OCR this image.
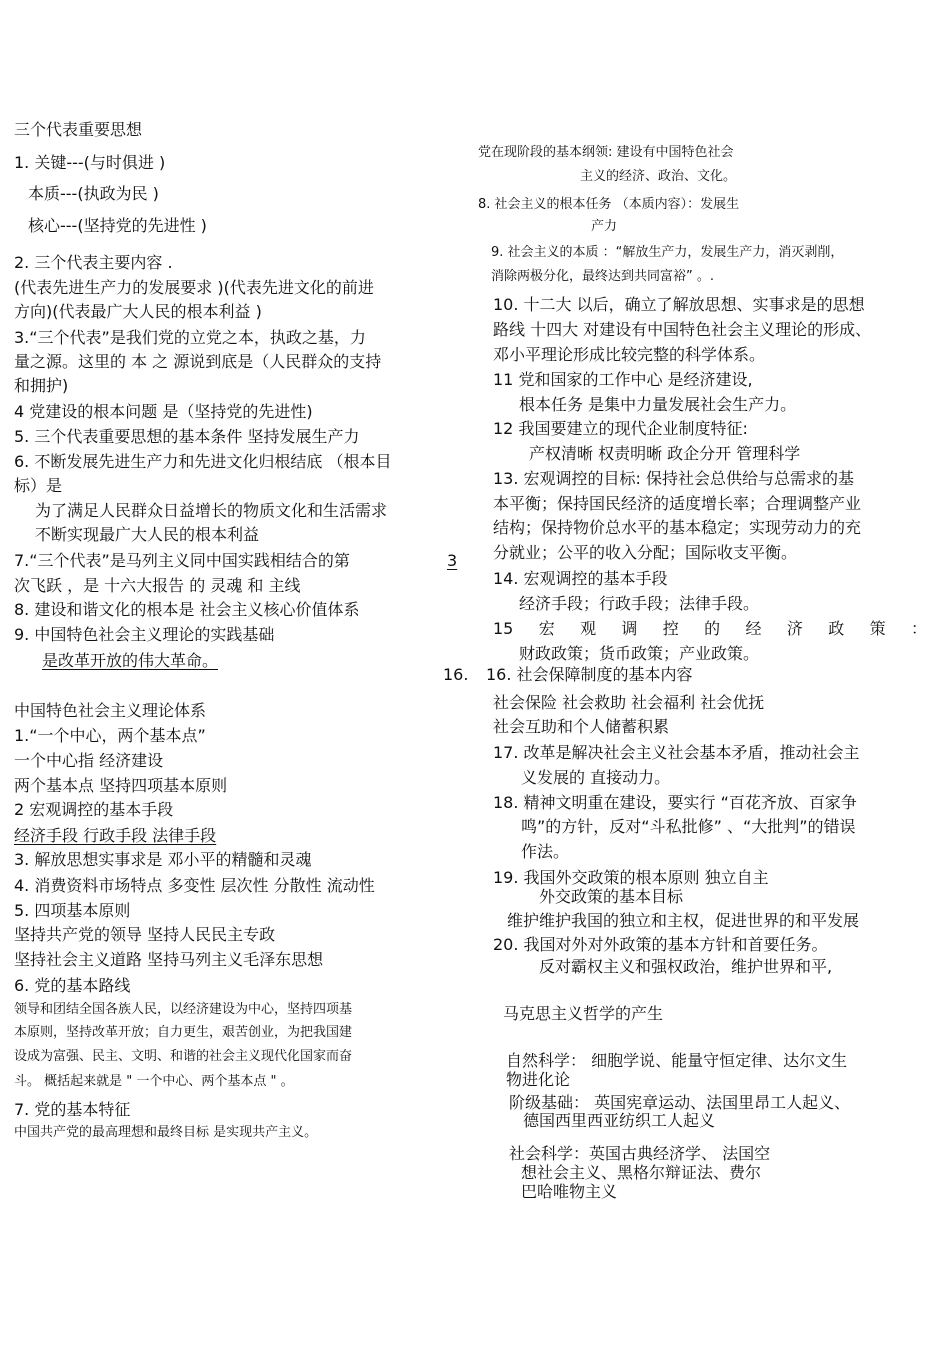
三个代表重要思想
1. 关键---(与时俱进 )
本质---(执政为民 )
核心---(坚持党的先进性 )
2. 三个代表主要内容 .
(代表先进生产力的发展要求 )(代表先进文化的前进
方向)(代表最广大人民的根本利益 )
3.“三个代表”是我们党的立党之本，执政之基，力
量之源。这里的 本 之 源说到底是（人民群众的支持
和拥护)
4 党建设的根本问题 是（坚持党的先进性)
5. 三个代表重要思想的基本条件 坚持发展生产力
6. 不断发展先进生产力和先进文化归根结底 （根本目
标）是
为了满足人民群众日益增长的物质文化和生活需求
不断实现最广大人民的根本利益
7.“三个代表”是马列主义同中国实践相结合的第	3
次飞跃 ，是 十六大报告 的 灵魂 和 主线
8. 建设和谐文化的根本是 社会主义核心价值体系
9. 中国特色社会主义理论的实践基础
是改革开放的伟大革命。
中国特色社会主义理论体系
1.“一个中心，两个基本点”
一个中心指 经济建设
两个基本点 坚持四项基本原则
2 宏观调控的基本手段
经济手段 行政手段 法律手段
3. 解放思想实事求是 邓小平的精髓和灵魂
4. 消费资料市场特点 多变性 层次性 分散性 流动性
5. 四项基本原则
坚持共产党的领导 坚持人民民主专政
坚持社会主义道路 坚持马列主义毛泽东思想
6. 党的基本路线
领导和团结全国各族人民，以经济建设为中心，坚持四项基
本原则，坚持改革开放；自力更生，艰苦创业，为把我国建
设成为富强、民主、文明、和谐的社会主义现代化国家而奋
斗。 概括起来就是 " 一个中心、两个基本点 " 。
7. 党的基本特征
中国共产党的最高理想和最终目标 是实现共产主义。
党在现阶段的基本纲领: 建设有中国特色社会
主义的经济、政治、文化。
8. 社会主义的根本任务 （本质内容）：发展生
产力
9. 社会主义的本质 ：“解放生产力，发展生产力，消灭剥削，
消除两极分化，最终达到共同富裕” 。.
10. 十二大 以后，确立了解放思想、实事求是的思想
路线 十四大 对建设有中国特色社会主义理论的形成、
邓小平理论形成比较完整的科学体系。
11 党和国家的工作中心 是经济建设,
根本任务 是集中力量发展社会生产力。
12 我国要建立的现代企业制度特征:
产权清晰 权责明晰 政企分开 管理科学
13. 宏观调控的目标: 保持社会总供给与总需求的基
本平衡；保持国民经济的适度增长率；合理调整产业
结构；保持物价总水平的基本稳定；实现劳动力的充
分就业；公平的收入分配；国际收支平衡。
14. 宏观调控的基本手段
经济手段；行政手段；法律手段。
15 宏 观 调 控 的 经 济 政 策 ：
财政政策；货币政策；产业政策。
16. 16. 社会保障制度的基本内容
社会保险 社会救助 社会福利 社会优抚
社会互助和个人储蓄积累
17. 改革是解决社会主义社会基本矛盾，推动社会主
义发展的 直接动力。
18. 精神文明重在建设，要实行 “百花齐放、百家争
鸣”的方针，反对“斗私批修” 、“大批判”的错误
作法。
19. 我国外交政策的根本原则 独立自主
外交政策的基本目标
维护维护我国的独立和主权，促进世界的和平发展
20. 我国对外对外政策的基本方针和首要任务。
反对霸权主义和强权政治，维护世界和平,
马克思主义哲学的产生
自然科学： 细胞学说、能量守恒定律、达尔文生
物进化论
阶级基础： 英国宪章运动、法国里昂工人起义、
德国西里西亚纺织工人起义
社会科学：英国古典经济学、 法国空
想社会主义、黑格尔辩证法、费尔
巴哈唯物主义
